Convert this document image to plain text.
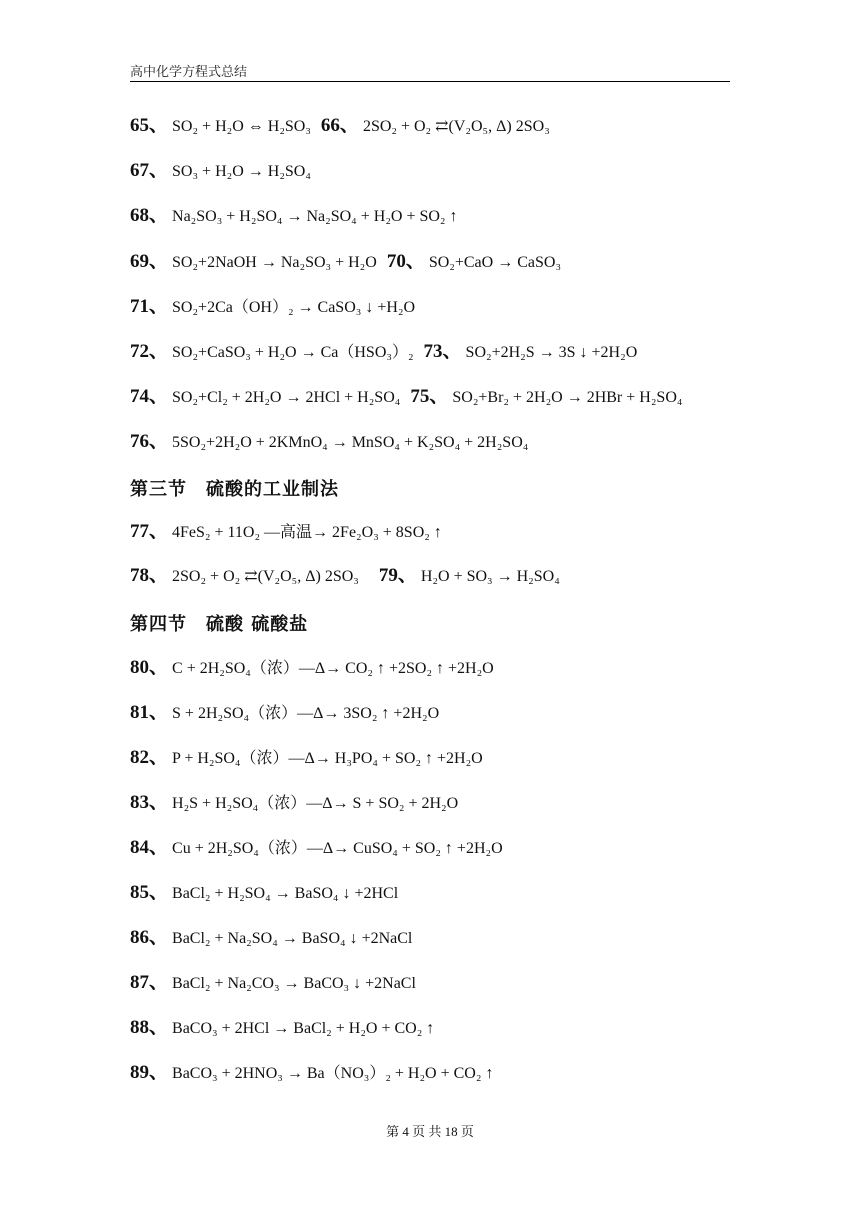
高中化学方程式总结
65、 SO₂ + H₂O ⇔ H₂SO₃ 66、 2SO₂ + O₂ ⇄(V₂O₅, Δ) 2SO₃
67、 SO₃ + H₂O → H₂SO₄
68、 Na₂SO₃ + H₂SO₄ → Na₂SO₄ + H₂O + SO₂ ↑
69、 SO₂+2NaOH → Na₂SO₃ + H₂O 70、 SO₂+CaO → CaSO₃
71、 SO₂+2Ca（OH）₂ → CaSO₃ ↓ +H₂O
72、 SO₂+CaSO₃ + H₂O → Ca（HSO₃）₂ 73、 SO₂+2H₂S → 3S ↓ +2H₂O
74、 SO₂+Cl₂ + 2H₂O → 2HCl + H₂SO₄ 75、 SO₂+Br₂ + 2H₂O → 2HBr + H₂SO₄
76、 5SO₂+2H₂O + 2KMnO₄ → MnSO₄ + K₂SO₄ + 2H₂SO₄
第三节　硫酸的工业制法
77、 4FeS₂ + 11O₂ —高温→ 2Fe₂O₃ + 8SO₂ ↑
78、 2SO₂ + O₂ ⇄(V₂O₅, Δ) 2SO₃ 79、 H₂O + SO₃ → H₂SO₄
第四节　硫酸 硫酸盐
80、 C + 2H₂SO₄（浓）—Δ→ CO₂ ↑ +2SO₂ ↑ +2H₂O
81、 S + 2H₂SO₄（浓）—Δ→ 3SO₂ ↑ +2H₂O
82、 P + H₂SO₄（浓）—Δ→ H₃PO₄ + SO₂ ↑ +2H₂O
83、 H₂S + H₂SO₄（浓）—Δ→ S + SO₂ + 2H₂O
84、 Cu + 2H₂SO₄（浓）—Δ→ CuSO₄ + SO₂ ↑ +2H₂O
85、 BaCl₂ + H₂SO₄ → BaSO₄ ↓ +2HCl
86、 BaCl₂ + Na₂SO₄ → BaSO₄ ↓ +2NaCl
87、 BaCl₂ + Na₂CO₃ → BaCO₃ ↓ +2NaCl
88、 BaCO₃ + 2HCl → BaCl₂ + H₂O + CO₂ ↑
89、 BaCO₃ + 2HNO₃ → Ba（NO₃）₂ + H₂O + CO₂ ↑
第 4 页 共 18 页
